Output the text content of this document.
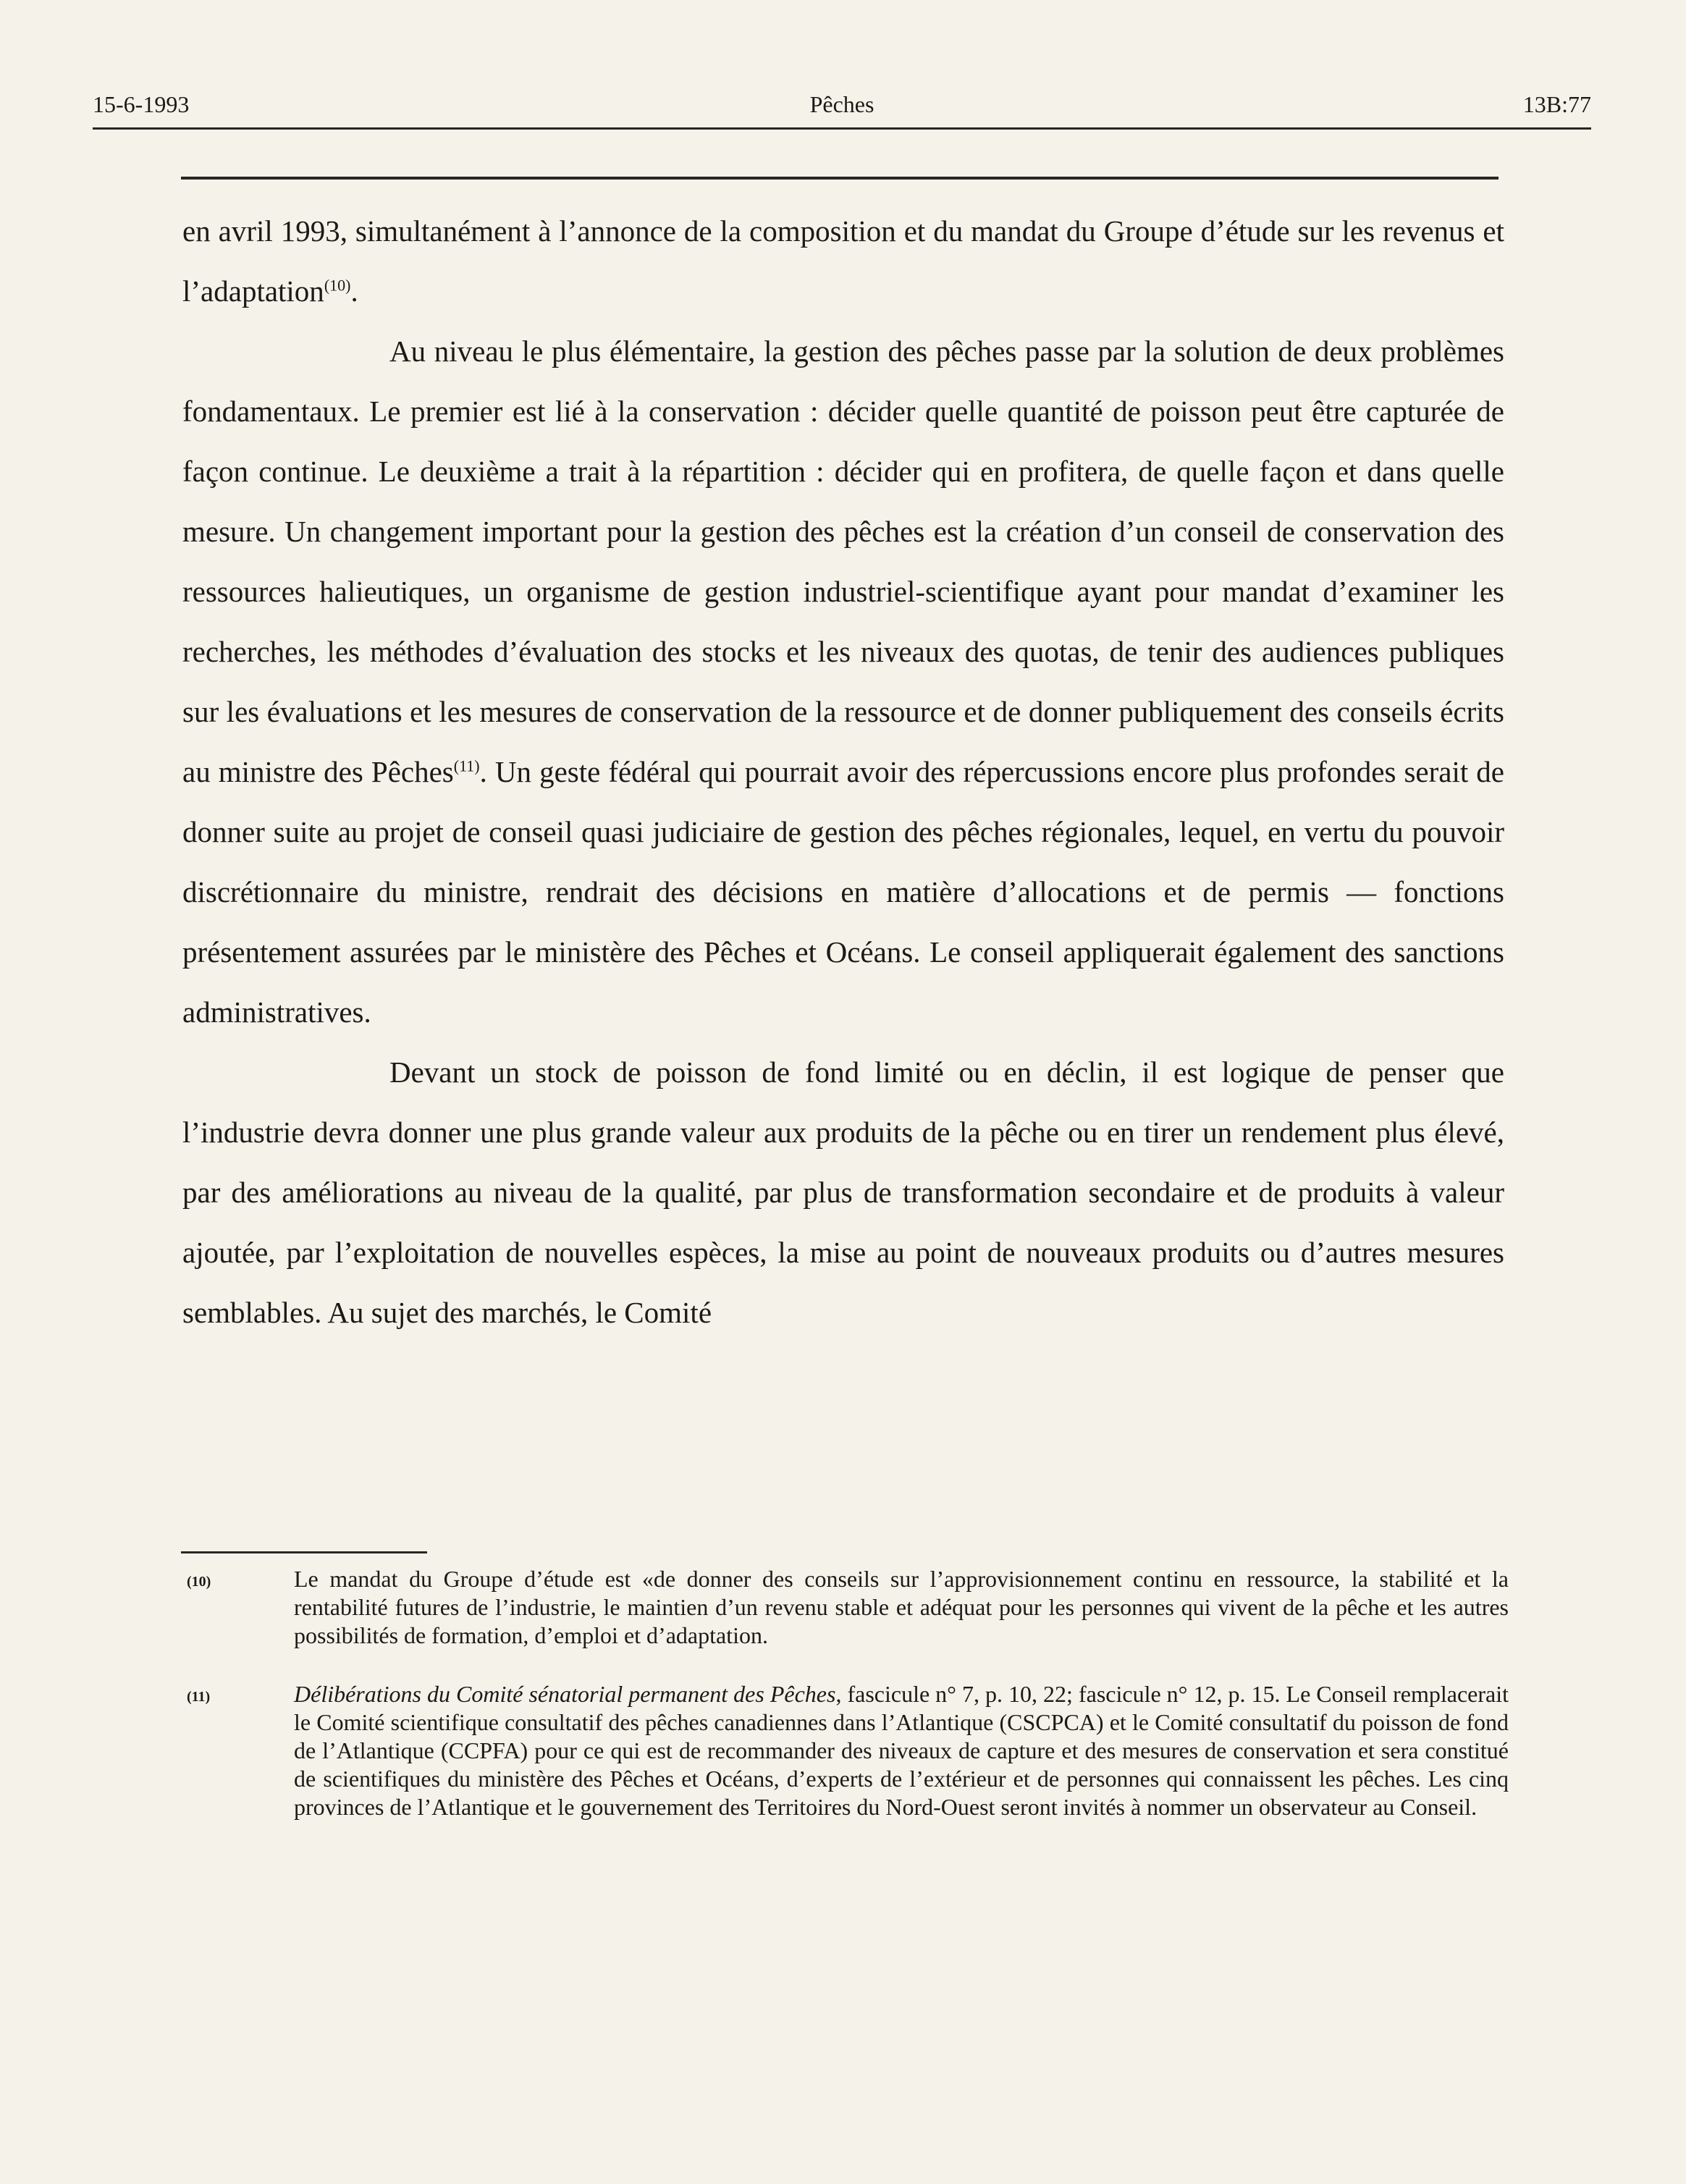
15-6-1993	Pêches	13B:77

en avril 1993, simultanément à l’annonce de la composition et du mandat du Groupe d’étude sur les revenus et l’adaptation$^{(10)}$.

Au niveau le plus élémentaire, la gestion des pêches passe par la solution de deux problèmes fondamentaux. Le premier est lié à la conservation : décider quelle quantité de poisson peut être capturée de façon continue. Le deuxième a trait à la répartition : décider qui en profitera, de quelle façon et dans quelle mesure. Un changement important pour la gestion des pêches est la création d’un conseil de conservation des ressources halieutiques, un organisme de gestion industriel-scientifique ayant pour mandat d’examiner les recherches, les méthodes d’évaluation des stocks et les niveaux des quotas, de tenir des audiences publiques sur les évaluations et les mesures de conservation de la ressource et de donner publiquement des conseils écrits au ministre des Pêches$^{(11)}$. Un geste fédéral qui pourrait avoir des répercussions encore plus profondes serait de donner suite au projet de conseil quasi judiciaire de gestion des pêches régionales, lequel, en vertu du pouvoir discrétionnaire du ministre, rendrait des décisions en matière d’allocations et de permis — fonctions présentement assurées par le ministère des Pêches et Océans. Le conseil appliquerait également des sanctions administratives.

Devant un stock de poisson de fond limité ou en déclin, il est logique de penser que l’industrie devra donner une plus grande valeur aux produits de la pêche ou en tirer un rendement plus élevé, par des améliorations au niveau de la qualité, par plus de transformation secondaire et de produits à valeur ajoutée, par l’exploitation de nouvelles espèces, la mise au point de nouveaux produits ou d’autres mesures semblables. Au sujet des marchés, le Comité

(10)	Le mandat du Groupe d’étude est «de donner des conseils sur l’approvisionnement continu en ressource, la stabilité et la rentabilité futures de l’industrie, le maintien d’un revenu stable et adéquat pour les personnes qui vivent de la pêche et les autres possibilités de formation, d’emploi et d’adaptation.
(11)	Délibérations du Comité sénatorial permanent des Pêches, fascicule n° 7, p. 10, 22; fascicule n° 12, p. 15. Le Conseil remplacerait le Comité scientifique consultatif des pêches canadiennes dans l’Atlantique (CSCPCA) et le Comité consultatif du poisson de fond de l’Atlantique (CCPFA) pour ce qui est de recommander des niveaux de capture et des mesures de conservation et sera constitué de scientifiques du ministère des Pêches et Océans, d’experts de l’extérieur et de personnes qui connaissent les pêches. Les cinq provinces de l’Atlantique et le gouvernement des Territoires du Nord-Ouest seront invités à nommer un observateur au Conseil.
